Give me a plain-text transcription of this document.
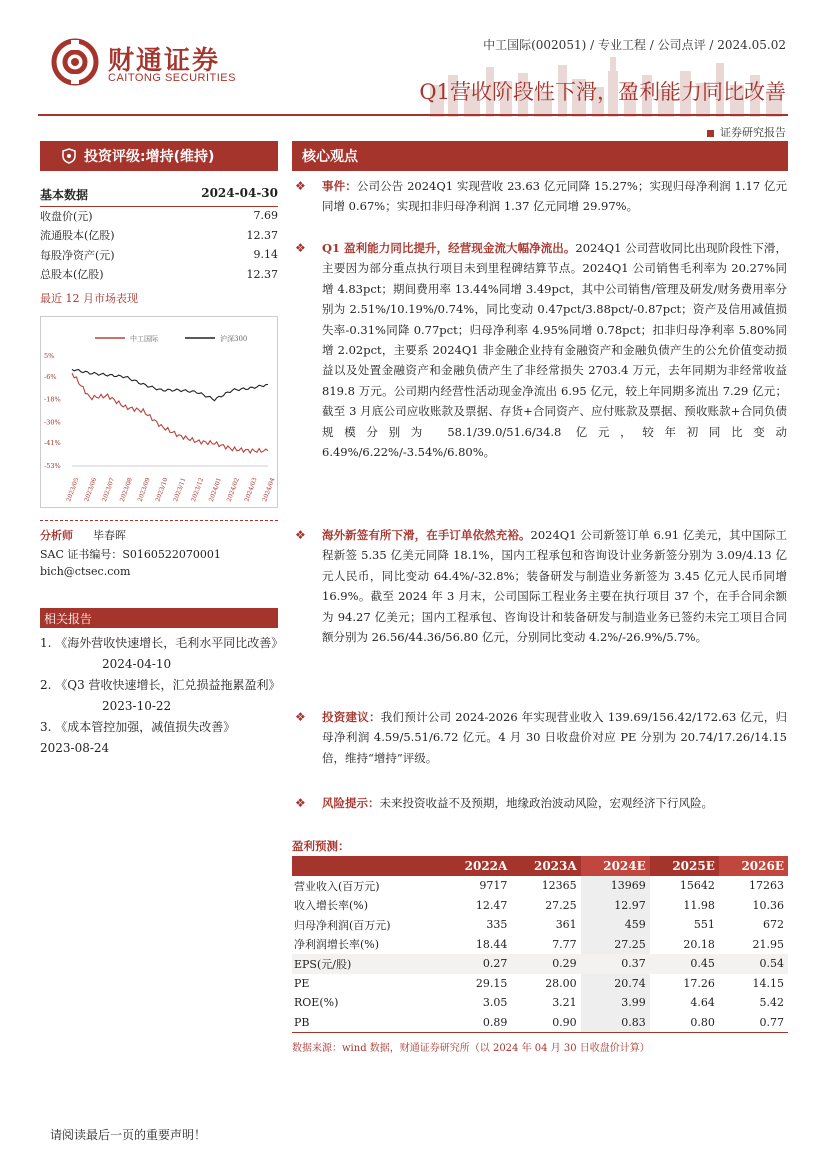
财通证券
CAITONG SECURITIES
中工国际(002051) / 专业工程 / 公司点评 / 2024.05.02
Q1营收阶段性下滑，盈利能力同比改善
证券研究报告
投资评级:增持(维持)
基本数据	2024-04-30
收盘价(元)	7.69
流通股本(亿股)	12.37
每股净资产(元)	9.14
总股本(亿股)	12.37
最近 12 月市场表现
中工国际	沪深300
5%
-6%
-18%
-30%
-41%
-53%
2023/05 2023/06 2023/07 2023/08 2023/09 2023/10 2023/11 2023/12 2024/01 2024/02 2024/03 2024/04
分析师 毕春晖
SAC 证书编号：S0160522070001
bich@ctsec.com
相关报告
1. 《海外营收快速增长，毛利水平同比改善》
2024-04-10
2. 《Q3 营收快速增长，汇兑损益拖累盈利》
2023-10-22
3. 《成本管控加强，减值损失改善》
2023-08-24
核心观点
❖ 事件：公司公告 2024Q1 实现营收 23.63 亿元同降 15.27%；实现归母净利润 1.17 亿元同增 0.67%；实现扣非归母净利润 1.37 亿元同增 29.97%。
❖ Q1 盈利能力同比提升，经营现金流大幅净流出。2024Q1 公司营收同比出现阶段性下滑，主要因为部分重点执行项目未到里程碑结算节点。2024Q1 公司销售毛利率为 20.27%同增 4.83pct；期间费用率 13.44%同增 3.49pct，其中公司销售/管理及研发/财务费用率分别为 2.51%/10.19%/0.74%，同比变动 0.47pct/3.88pct/-0.87pct；资产及信用减值损失率-0.31%同降 0.77pct；归母净利率 4.95%同增 0.78pct；扣非归母净利率 5.80%同增 2.02pct，主要系 2024Q1 非金融企业持有金融资产和金融负债产生的公允价值变动损益以及处置金融资产和金融负债产生了非经常损失 2703.4 万元，去年同期为非经常收益 819.8 万元。公司期内经营性活动现金净流出 6.95 亿元，较上年同期多流出 7.29 亿元；截至 3 月底公司应收账款及票据、存货+合同资产、应付账款及票据、预收账款+合同负债规模分别为 58.1/39.0/51.6/34.8 亿元，较年初同比变动 6.49%/6.22%/-3.54%/6.80%。
❖ 海外新签有所下滑，在手订单依然充裕。2024Q1 公司新签订单 6.91 亿美元，其中国际工程新签 5.35 亿美元同降 18.1%，国内工程承包和咨询设计业务新签分别为 3.09/4.13 亿元人民币，同比变动 64.4%/-32.8%；装备研发与制造业务新签为 3.45 亿元人民币同增 16.9%。截至 2024 年 3 月末，公司国际工程业务主要在执行项目 37 个，在手合同余额为 94.27 亿美元；国内工程承包、咨询设计和装备研发与制造业务已签约未完工项目合同额分别为 26.56/44.36/56.80 亿元，分别同比变动 4.2%/-26.9%/5.7%。
❖ 投资建议：我们预计公司 2024-2026 年实现营业收入 139.69/156.42/172.63 亿元，归母净利润 4.59/5.51/6.72 亿元。4 月 30 日收盘价对应 PE 分别为 20.74/17.26/14.15 倍，维持“增持”评级。
❖ 风险提示：未来投资收益不及预期，地缘政治波动风险，宏观经济下行风险。
盈利预测：
	2022A	2023A	2024E	2025E	2026E
营业收入(百万元)	9717	12365	13969	15642	17263
收入增长率(%)	12.47	27.25	12.97	11.98	10.36
归母净利润(百万元)	335	361	459	551	672
净利润增长率(%)	18.44	7.77	27.25	20.18	21.95
EPS(元/股)	0.27	0.29	0.37	0.45	0.54
PE	29.15	28.00	20.74	17.26	14.15
ROE(%)	3.05	3.21	3.99	4.64	5.42
PB	0.89	0.90	0.83	0.80	0.77
数据来源：wind 数据，财通证券研究所（以 2024 年 04 月 30 日收盘价计算）
请阅读最后一页的重要声明！
